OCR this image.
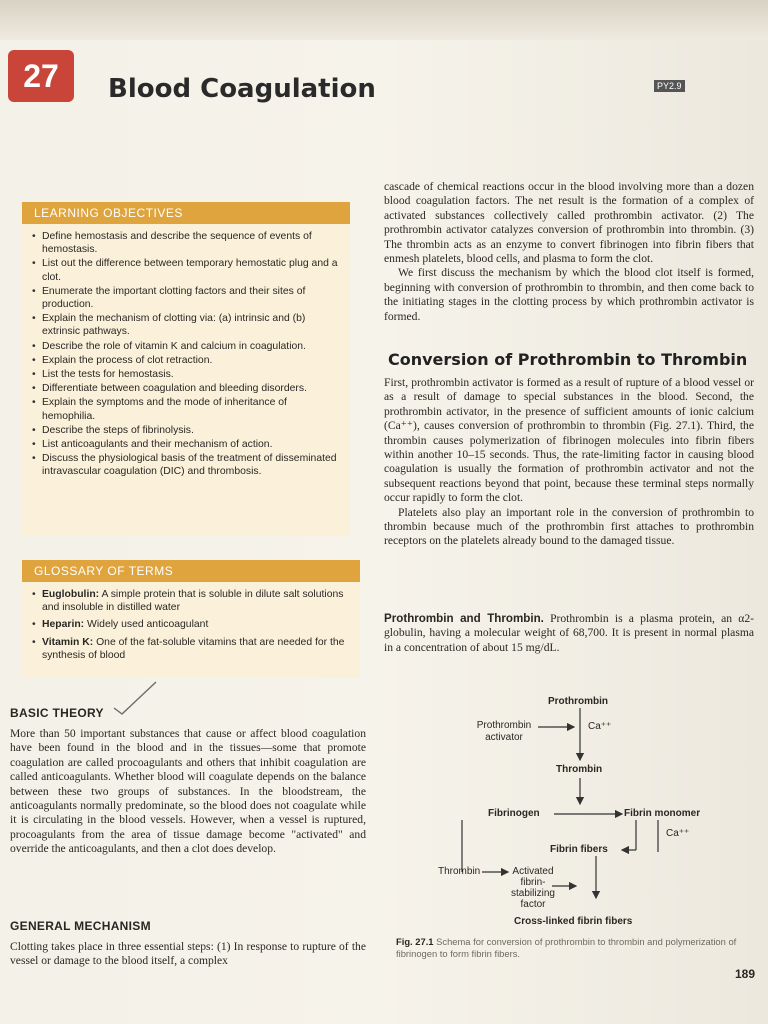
27	Blood Coagulation	PY2.9
LEARNING OBJECTIVES
• Define hemostasis and describe the sequence of events of hemostasis.
• List out the difference between temporary hemostatic plug and a clot.
• Enumerate the important clotting factors and their sites of production.
• Explain the mechanism of clotting via: (a) intrinsic and (b) extrinsic pathways.
• Describe the role of vitamin K and calcium in coagulation.
• Explain the process of clot retraction.
• List the tests for hemostasis.
• Differentiate between coagulation and bleeding disorders.
• Explain the symptoms and the mode of inheritance of hemophilia.
• Describe the steps of fibrinolysis.
• List anticoagulants and their mechanism of action.
• Discuss the physiological basis of the treatment of disseminated intravascular coagulation (DIC) and thrombosis.
GLOSSARY OF TERMS
• Euglobulin: A simple protein that is soluble in dilute salt solutions and insoluble in distilled water
• Heparin: Widely used anticoagulant
• Vitamin K: One of the fat-soluble vitamins that are needed for the synthesis of blood
BASIC THEORY

More than 50 important substances that cause or affect blood coagulation have been found in the blood and in the tissues—some that promote coagulation are called procoagulants and others that inhibit coagulation are called anticoagulants. Whether blood will coagulate depends on the balance between these two groups of substances. In the bloodstream, the anticoagulants normally predominate, so the blood does not coagulate while it is circulating in the blood vessels. However, when a vessel is ruptured, procoagulants from the area of tissue damage become "activated" and override the anticoagulants, and then a clot does develop.

GENERAL MECHANISM

Clotting takes place in three essential steps: (1) In response to rupture of the vessel or damage to the blood itself, a complex

cascade of chemical reactions occur in the blood involving more than a dozen blood coagulation factors. The net result is the formation of a complex of activated substances collectively called prothrombin activator. (2) The prothrombin activator catalyzes conversion of prothrombin into thrombin. (3) The thrombin acts as an enzyme to convert fibrinogen into fibrin fibers that enmesh platelets, blood cells, and plasma to form the clot.

We first discuss the mechanism by which the blood clot itself is formed, beginning with conversion of prothrombin to thrombin, and then come back to the initiating stages in the clotting process by which prothrombin activator is formed.

Conversion of Prothrombin to Thrombin

First, prothrombin activator is formed as a result of rupture of a blood vessel or as a result of damage to special substances in the blood. Second, the prothrombin activator, in the presence of sufficient amounts of ionic calcium (Ca⁺⁺), causes conversion of prothrombin to thrombin (Fig. 27.1). Third, the thrombin causes polymerization of fibrinogen molecules into fibrin fibers within another 10–15 seconds. Thus, the rate-limiting factor in causing blood coagulation is usually the formation of prothrombin activator and not the subsequent reactions beyond that point, because these terminal steps normally occur rapidly to form the clot.

Platelets also play an important role in the conversion of prothrombin to thrombin because much of the prothrombin first attaches to prothrombin receptors on the platelets already bound to the damaged tissue.

Prothrombin and Thrombin. Prothrombin is a plasma protein, an α2-globulin, having a molecular weight of 68,700. It is present in normal plasma in a concentration of about 15 mg/dL.

Prothrombin
Prothrombin activator
Ca⁺⁺
Thrombin
Fibrinogen	Fibrin monomer
Ca⁺⁺
Fibrin fibers
Thrombin	Activated fibrin-stabilizing factor
Cross-linked fibrin fibers
Fig. 27.1 Schema for conversion of prothrombin to thrombin and polymerization of fibrinogen to form fibrin fibers.
189
